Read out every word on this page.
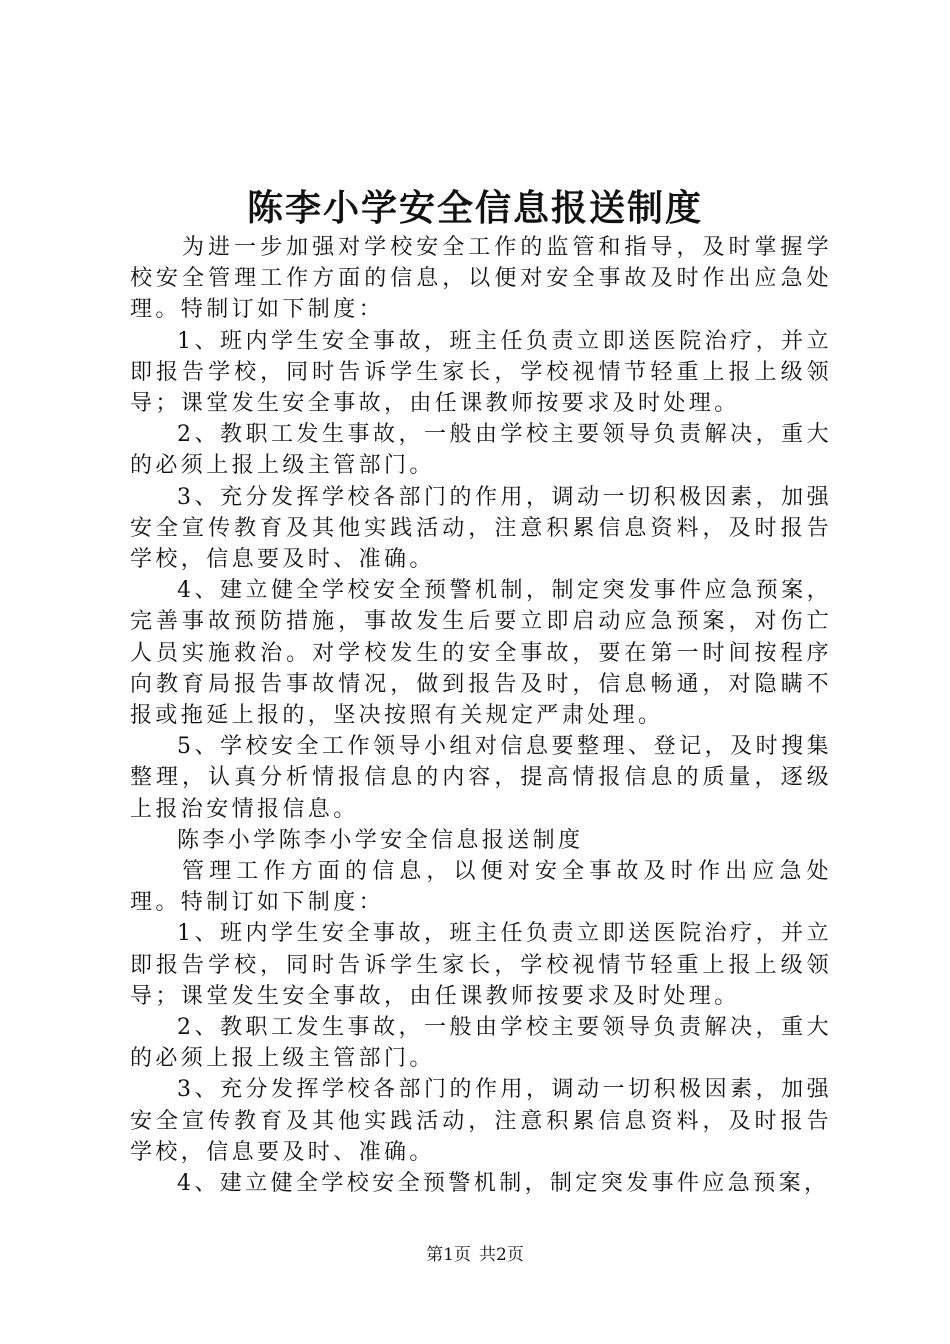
陈李小学安全信息报送制度

为进一步加强对学校安全工作的监管和指导，及时掌握学校安全管理工作方面的信息，以便对安全事故及时作出应急处理。特制订如下制度：

1、班内学生安全事故，班主任负责立即送医院治疗，并立即报告学校，同时告诉学生家长，学校视情节轻重上报上级领导；课堂发生安全事故，由任课教师按要求及时处理。

2、教职工发生事故，一般由学校主要领导负责解决，重大的必须上报上级主管部门。

3、充分发挥学校各部门的作用，调动一切积极因素，加强安全宣传教育及其他实践活动，注意积累信息资料，及时报告学校，信息要及时、准确。

4、建立健全学校安全预警机制，制定突发事件应急预案，完善事故预防措施，事故发生后要立即启动应急预案，对伤亡人员实施救治。对学校发生的安全事故，要在第一时间按程序向教育局报告事故情况，做到报告及时，信息畅通，对隐瞒不报或拖延上报的，坚决按照有关规定严肃处理。

5、学校安全工作领导小组对信息要整理、登记，及时搜集整理，认真分析情报信息的内容，提高情报信息的质量，逐级上报治安情报信息。

陈李小学陈李小学安全信息报送制度

管理工作方面的信息，以便对安全事故及时作出应急处理。特制订如下制度：

1、班内学生安全事故，班主任负责立即送医院治疗，并立即报告学校，同时告诉学生家长，学校视情节轻重上报上级领导；课堂发生安全事故，由任课教师按要求及时处理。

2、教职工发生事故，一般由学校主要领导负责解决，重大的必须上报上级主管部门。

3、充分发挥学校各部门的作用，调动一切积极因素，加强安全宣传教育及其他实践活动，注意积累信息资料，及时报告学校，信息要及时、准确。

4、建立健全学校安全预警机制，制定突发事件应急预案，

第1页 共2页
